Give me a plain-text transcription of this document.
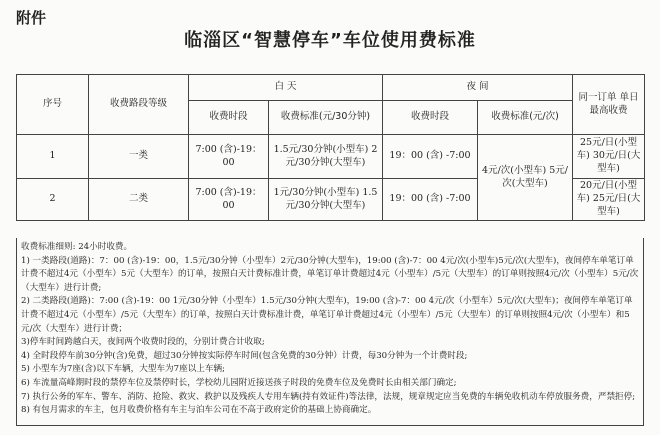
附件
临淄区“智慧停车”车位使用费标准
序号	收费路段等级	白 天		夜 间		同一订单 单日最高收费
		收费时段	收费标准(元/30分钟)	收费时段	收费标准(元/次)	
1	一类	7:00 (含)-19：00	1.5元/30分钟(小型车) 2元/30分钟(大型车)	19：00 (含) -7:00	4元/次(小型车) 5元/次(大型车)	25元/日(小型车) 30元/日(大型车)
2	二类	7:00 (含)-19：00	1元/30分钟(小型车) 1.5元/30分钟(大型车)	19：00 (含) -7:00		20元/日(小型车) 25元/日(大型车)

收费标准细则: 24小时收费。

1) 一类路段(道路)：7：00 (含)-19：00，1.5元/30分钟（小型车）2元/30分钟(大型车)，19:00 (含)-7：00 4元/次(小型车)5元/次(大型车)，夜间停车单笔订单计费不超过4元（小型车）5元（大型车）的订单，按照白天计费标准计费，单笔订单计费超过4元（小型车）/5元（大型车）的订单则按照4元/次（小型车）5元/次（大型车）进行计费;

2) 二类路段(道路)：7:00 (含)-19：00 1元/30分钟（小型车）1.5元/30分钟(大型车)，19:00 (含)-7：00 4元/次（小型车）5元/次(大型车)；夜间停车单笔订单计费不超过4元（小型车）/5元（大型车）的订单，按照白天计费标准计费，单笔订单计费超过4元（小型车）/5元（大型车）的订单则按照4元/次（小型车）和5元/次（大型车）进行计费；

3)停车时间跨越白天，夜间两个收费时段的，分别计费合计收取;

4) 全时段停车前30分钟(含)免费，超过30分钟按实际停车时间(包含免费的30分钟）计费，每30分钟为一个计费时段;

5) 小型车为7座(含)以下车辆，大型车为7座以上车辆;

6) 车流量高峰期时段的禁停车位及禁停时长，学校幼儿园附近接送孩子时段的免费车位及免费时长由相关部门确定;

7) 执行公务的军车、警车、消防、抢险、救灾、救护以及残疾人专用车辆(持有效证件)等法律，法规，规章规定应当免费的车辆免收机动车停放服务费，严禁拒停;

8) 有包月需求的车主，包月收费价格有车主与泊车公司在不高于政府定价的基础上协商确定。
